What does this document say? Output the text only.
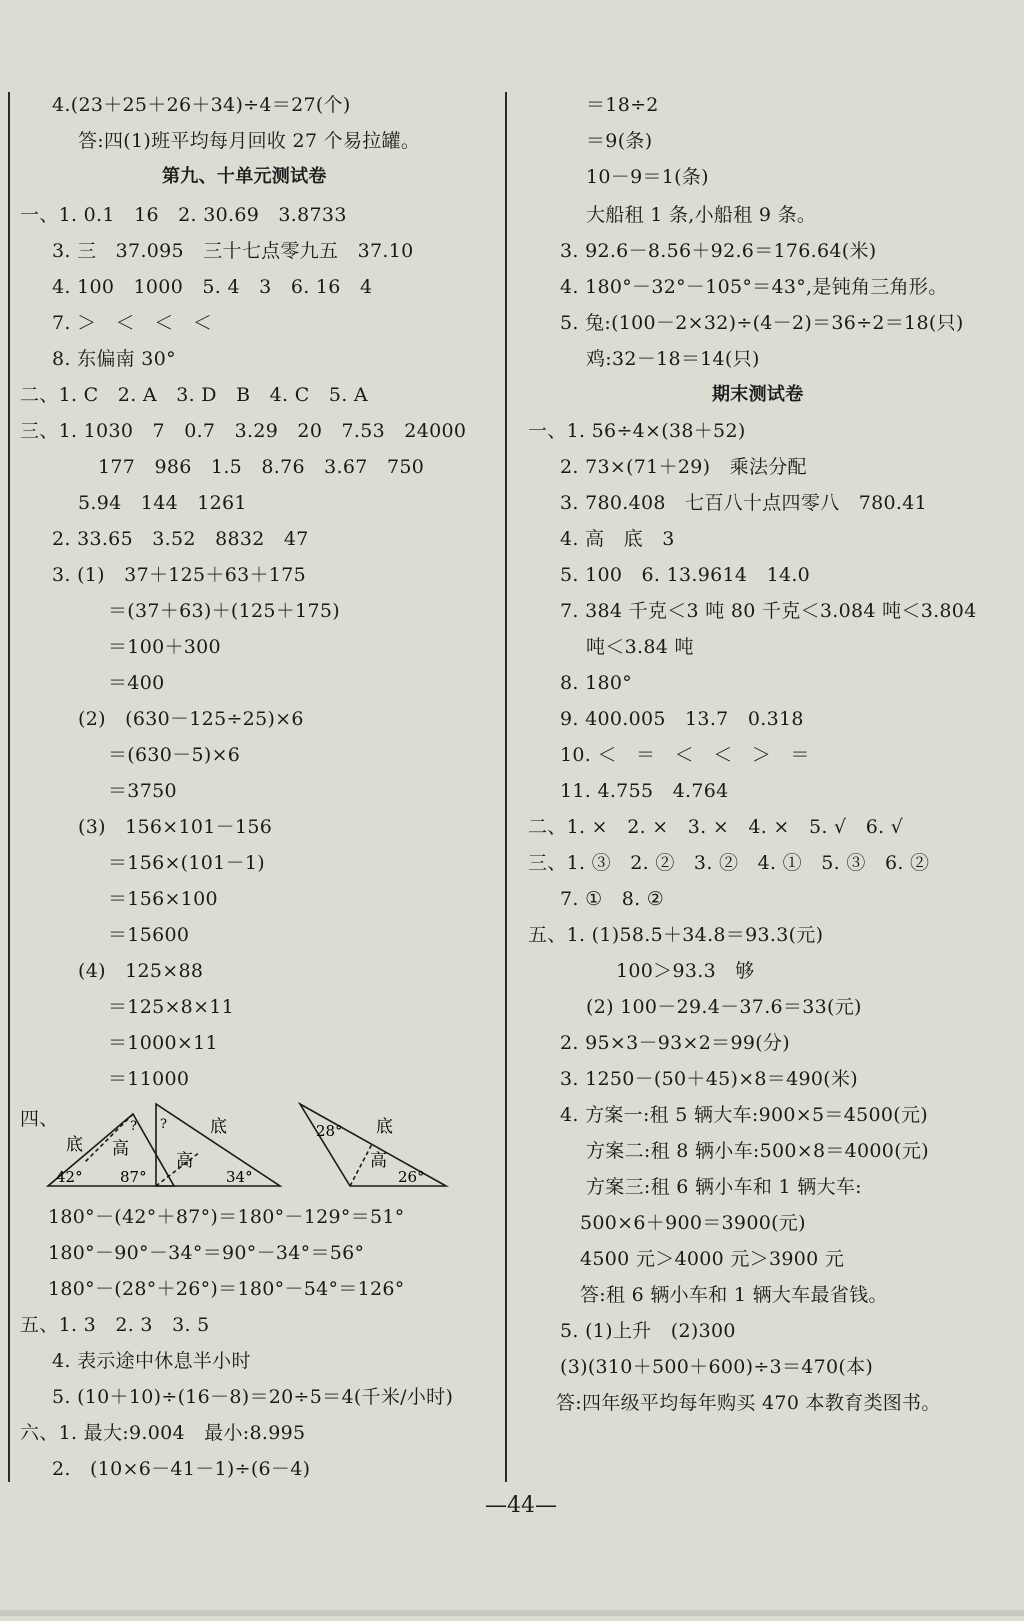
4.(23＋25＋26＋34)÷4＝27(个)
答:四(1)班平均每月回收 27 个易拉罐。
第九、十单元测试卷
一、1. 0.1　16　2. 30.69　3.8733
3. 三　37.095　三十七点零九五　37.10
4. 100　1000　5. 4　3　6. 16　4
7. ＞　＜　＜　＜
8. 东偏南 30°
二、1. C　2. A　3. D　B　4. C　5. A
三、1. 1030　7　0.7　3.29　20　7.53　24000
177　986　1.5　8.76　3.67　750
5.94　144　1261
2. 33.65　3.52　8832　47
3. (1)　37＋125＋63＋175
＝(37＋63)＋(125＋175)
＝100＋300
＝400
(2)　(630－125÷25)×6
＝(630－5)×6
＝3750
(3)　156×101－156
＝156×(101－1)
＝156×100
＝15600
(4)　125×88
＝125×8×11
＝1000×11
＝11000
四、
底 高
?
42° 87°
?	底
高
34°
28° 底
高
26°
180°－(42°＋87°)＝180°－129°＝51°
180°－90°－34°＝90°－34°＝56°
180°－(28°＋26°)＝180°－54°＝126°
五、1. 3　2. 3　3. 5
4. 表示途中休息半小时
5. (10＋10)÷(16－8)＝20÷5＝4(千米/小时)
六、1. 最大:9.004　最小:8.995
2.　(10×6－41－1)÷(6－4)
＝18÷2
＝9(条)
10－9＝1(条)
大船租 1 条,小船租 9 条。
3. 92.6－8.56＋92.6＝176.64(米)
4. 180°－32°－105°＝43°,是钝角三角形。
5. 兔:(100－2×32)÷(4－2)＝36÷2＝18(只)
鸡:32－18＝14(只)
期末测试卷
一、1. 56÷4×(38＋52)
2. 73×(71＋29)　乘法分配
3. 780.408　七百八十点四零八　780.41
4. 高　底　3
5. 100　6. 13.9614　14.0
7. 384 千克＜3 吨 80 千克＜3.084 吨＜3.804
吨＜3.84 吨
8. 180°
9. 400.005　13.7　0.318
10. ＜　＝　＜　＜　＞　＝
11. 4.755　4.764
二、1. ×　2. ×　3. ×　4. ×　5. √　6. √
三、1. ③　2. ②　3. ②　4. ①　5. ③　6. ②
7. ①　8. ②
五、1. (1)58.5＋34.8＝93.3(元)
100＞93.3　够
(2) 100－29.4－37.6＝33(元)
2. 95×3－93×2＝99(分)
3. 1250－(50＋45)×8＝490(米)
4. 方案一:租 5 辆大车:900×5＝4500(元)
方案二:租 8 辆小车:500×8＝4000(元)
方案三:租 6 辆小车和 1 辆大车:
500×6＋900＝3900(元)
4500 元＞4000 元＞3900 元
答:租 6 辆小车和 1 辆大车最省钱。
5. (1)上升　(2)300
(3)(310＋500＋600)÷3＝470(本)
答:四年级平均每年购买 470 本教育类图书。
—44—
